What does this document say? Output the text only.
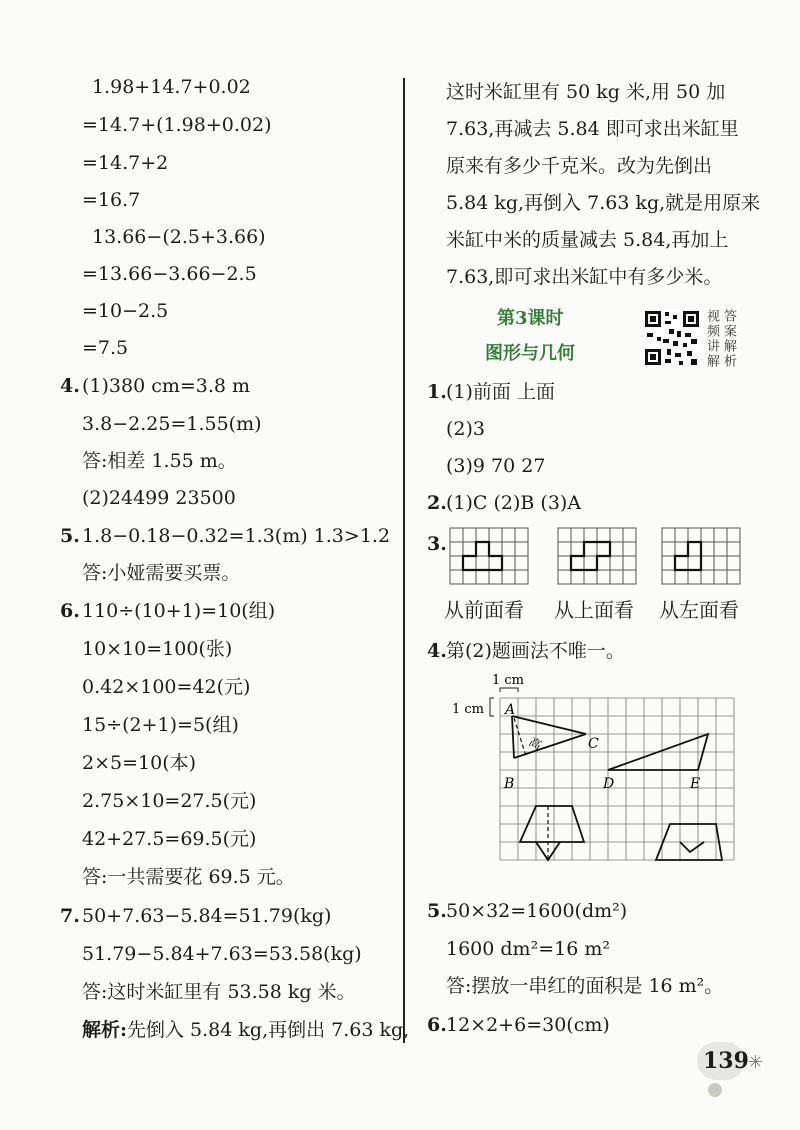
1.98+14.7+0.02
=14.7+(1.98+0.02)
=14.7+2
=16.7
13.66−(2.5+3.66)
=13.66−3.66−2.5
=10−2.5
=7.5
4. (1)380 cm=3.8 m
3.8−2.25=1.55(m)
答:相差 1.55 m。
(2)24499 23500
5. 1.8−0.18−0.32=1.3(m) 1.3>1.2
答:小娅需要买票。
6. 110÷(10+1)=10(组)
10×10=100(张)
0.42×100=42(元)
15÷(2+1)=5(组)
2×5=10(本)
2.75×10=27.5(元)
42+27.5=69.5(元)
答:一共需要花 69.5 元。
7. 50+7.63−5.84=51.79(kg)
51.79−5.84+7.63=53.58(kg)
答:这时米缸里有 53.58 kg 米。
解析:先倒入 5.84 kg,再倒出 7.63 kg,
这时米缸里有 50 kg 米,用 50 加
7.63,再减去 5.84 即可求出米缸里
原来有多少千克米。改为先倒出
5.84 kg,再倒入 7.63 kg,就是用原来
米缸中米的质量减去 5.84,再加上
7.63,即可求出米缸中有多少米。
第3课时
图形与几何	视频讲解 答案解析
1. (1)前面 上面
(2)3
(3)9 70 27
2. (1)C (2)B (3)A
3.
从前面看 从上面看 从左面看
4. 第(2)题画法不唯一。
1 cm
1 cm
高
A
B
C
D	E
5. 50×32=1600(dm²)
1600 dm²=16 m²
答:摆放一串红的面积是 16 m²。
6. 12×2+6=30(cm)
139 ✳
